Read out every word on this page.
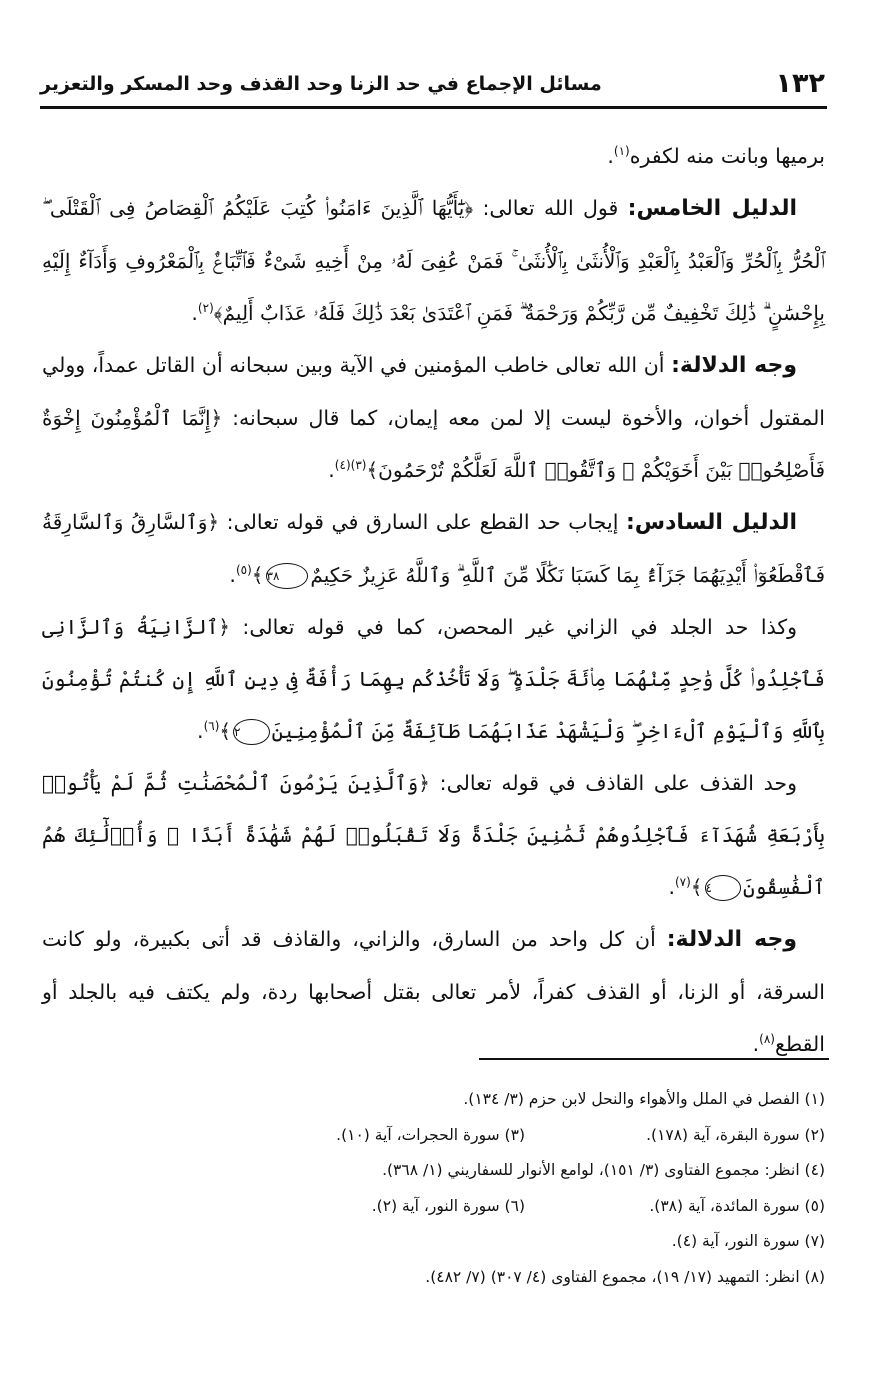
١٣٢
مسائل الإجماع في حد الزنا وحد القذف وحد المسكر والتعزير

برميها وبانت منه لكفره$^{(١)}$.

الدليل الخامس: قول الله تعالى: ﴿يَٰٓأَيُّهَا ٱلَّذِينَ ءَامَنُوا۟ كُتِبَ عَلَيْكُمُ ٱلْقِصَاصُ فِى ٱلْقَتْلَى ۖ ٱلْحُرُّ بِٱلْحُرِّ وَٱلْعَبْدُ بِٱلْعَبْدِ وَٱلْأُنثَىٰ بِٱلْأُنثَىٰ ۚ فَمَنْ عُفِىَ لَهُۥ مِنْ أَخِيهِ شَىْءٌ فَٱتِّبَاعٌۢ بِٱلْمَعْرُوفِ وَأَدَآءٌ إِلَيْهِ بِإِحْسَٰنٍ ۗ ذَٰلِكَ تَخْفِيفٌ مِّن رَّبِّكُمْ وَرَحْمَةٌ ۗ فَمَنِ ٱعْتَدَىٰ بَعْدَ ذَٰلِكَ فَلَهُۥ عَذَابٌ أَلِيمٌ﴾$^{(٢)}$.

وجه الدلالة: أن الله تعالى خاطب المؤمنين في الآية وبين سبحانه أن القاتل عمداً، وولي المقتول أخوان، والأخوة ليست إلا لمن معه إيمان، كما قال سبحانه: ﴿إِنَّمَا ٱلْمُؤْمِنُونَ إِخْوَةٌ فَأَصْلِحُوا۟ بَيْنَ أَخَوَيْكُمْ ۚ وَٱتَّقُوا۟ ٱللَّهَ لَعَلَّكُمْ تُرْحَمُونَ﴾$^{(٣)(٤)}$.

الدليل السادس: إيجاب حد القطع على السارق في قوله تعالى: ﴿وَٱلسَّارِقُ وَٱلسَّارِقَةُ فَٱقْطَعُوٓا۟ أَيْدِيَهُمَا جَزَآءًۢ بِمَا كَسَبَا نَكَٰلًا مِّنَ ٱللَّهِ ۗ وَٱللَّهُ عَزِيزٌ حَكِيمٌ٣٨﴾$^{(٥)}$.

وكذا حد الجلد في الزاني غير المحصن، كما في قوله تعالى: ﴿ٱلزَّانِيَةُ وَٱلزَّانِى فَٱجْلِدُوا۟ كُلَّ وَٰحِدٍ مِّنْهُمَا مِا۟ئَةَ جَلْدَةٍ ۖ وَلَا تَأْخُذْكُم بِهِمَا رَأْفَةٌ فِى دِينِ ٱللَّهِ إِن كُنتُمْ تُؤْمِنُونَ بِٱللَّهِ وَٱلْيَوْمِ ٱلْءَاخِرِ ۖ وَلْيَشْهَدْ عَذَابَهُمَا طَآئِفَةٌ مِّنَ ٱلْمُؤْمِنِينَ٢﴾$^{(٦)}$.

وحد القذف على القاذف في قوله تعالى: ﴿وَٱلَّذِينَ يَرْمُونَ ٱلْمُحْصَنَٰتِ ثُمَّ لَمْ يَأْتُوا۟ بِأَرْبَعَةِ شُهَدَآءَ فَٱجْلِدُوهُمْ ثَمَٰنِينَ جَلْدَةً وَلَا تَقْبَلُوا۟ لَهُمْ شَهَٰدَةً أَبَدًا ۚ وَأُو۟لَٰٓئِكَ هُمُ ٱلْفَٰسِقُونَ٤﴾$^{(٧)}$.

وجه الدلالة: أن كل واحد من السارق، والزاني، والقاذف قد أتى بكبيرة، ولو كانت السرقة، أو الزنا، أو القذف كفراً، لأمر تعالى بقتل أصحابها ردة، ولم يكتف فيه بالجلد أو القطع$^{(٨)}$.

(١) الفصل في الملل والأهواء والنحل لابن حزم (٣/ ١٣٤).
(٢) سورة البقرة، آية (١٧٨).
(٣) سورة الحجرات، آية (١٠).
(٤) انظر: مجموع الفتاوى (٣/ ١٥١)، لوامع الأنوار للسفاريني (١/ ٣٦٨).
(٥) سورة المائدة، آية (٣٨).
(٦) سورة النور، آية (٢).
(٧) سورة النور، آية (٤).
(٨) انظر: التمهيد (١٧/ ١٩)، مجموع الفتاوى (٤/ ٣٠٧) (٧/ ٤٨٢).
